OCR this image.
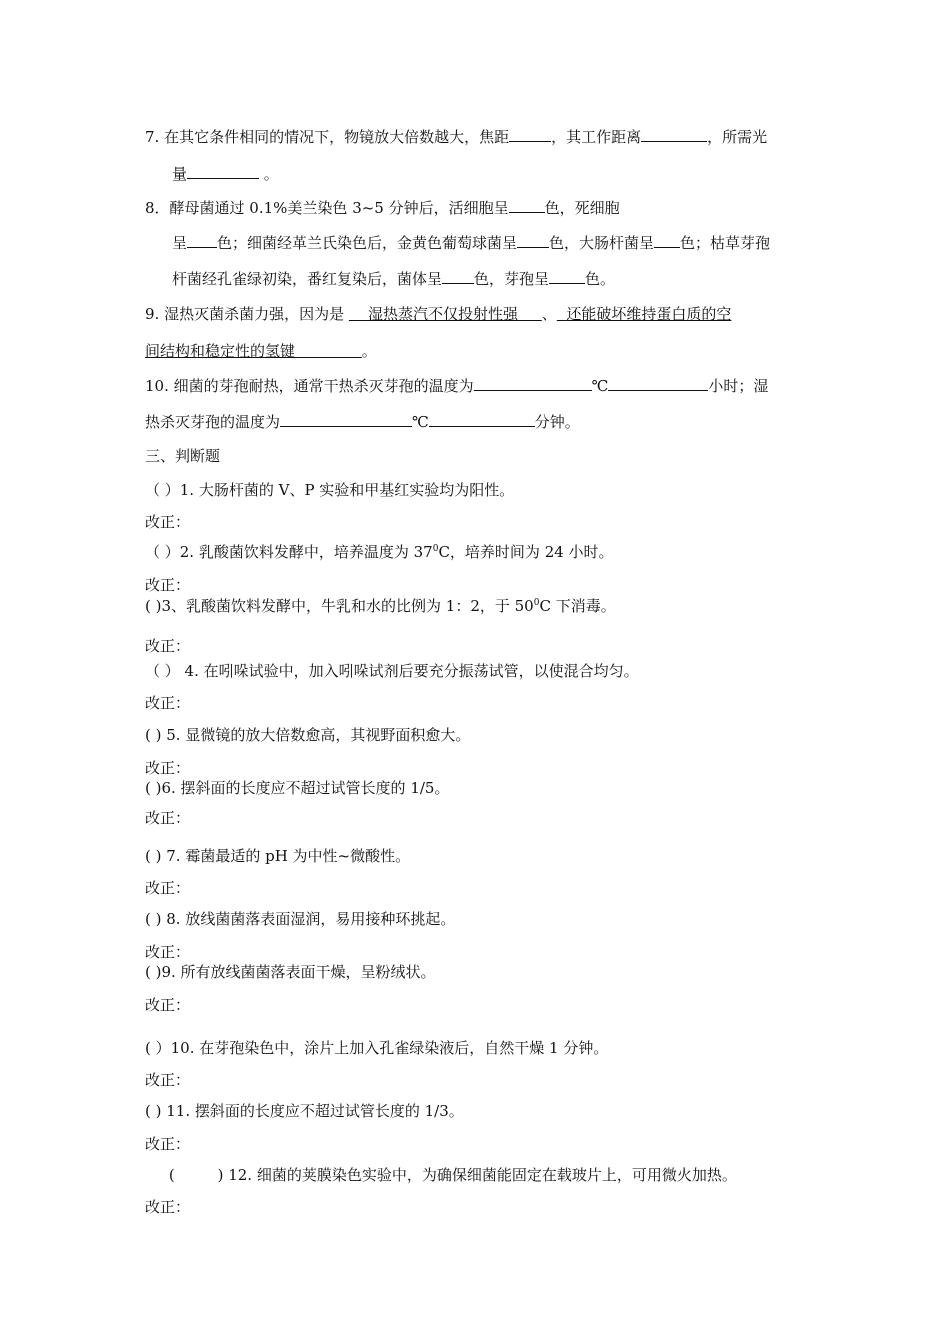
7. 在其它条件相同的情况下，物镜放大倍数越大，焦距	，其工作距离	，所需光
量	。
8．酵母菌通过 0.1%美兰染色 3~5 分钟后，活细胞呈 色，死细胞
呈 色；细菌经革兰氏染色后，金黄色葡萄球菌呈 色，大肠杆菌呈 色；枯草芽孢
杆菌经孔雀绿初染，番红复染后，菌体呈 色，芽孢呈 色。
9. 湿热灭菌杀菌力强，因为是     湿热蒸汽不仅投射性强 、 还能破坏维持蛋白质的空
间结构和稳定性的氢键	。
10. 细菌的芽孢耐热，通常干热杀灭芽孢的温度为	℃	小时；湿
热杀灭芽孢的温度为	℃	分钟。
三、判断题
（ ）1. 大肠杆菌的 V、P 实验和甲基红实验均为阳性。
改正：
（ ）2. 乳酸菌饮料发酵中，培养温度为 $37^0C$，培养时间为 24 小时。
改正：
( )3、乳酸菌饮料发酵中，牛乳和水的比例为 1：2，于 $50^0C$ 下消毒。
改正：
（ ） 4. 在吲哚试验中，加入吲哚试剂后要充分振荡试管，以使混合均匀。
改正：
( ) 5. 显微镜的放大倍数愈高，其视野面积愈大。
改正：
( )6. 摆斜面的长度应不超过试管长度的 1/5。
改正：
( ) 7. 霉菌最适的 pH 为中性~微酸性。
改正：
( ) 8. 放线菌菌落表面湿润，易用接种环挑起。
改正：
( )9. 所有放线菌菌落表面干燥，呈粉绒状。
改正：
( ）10. 在芽孢染色中，涂片上加入孔雀绿染液后，自然干燥 1 分钟。
改正：
( ) 11. 摆斜面的长度应不超过试管长度的 1/3。
改正：
(         ) 12. 细菌的荚膜染色实验中，为确保细菌能固定在载玻片上，可用微火加热。
改正：
